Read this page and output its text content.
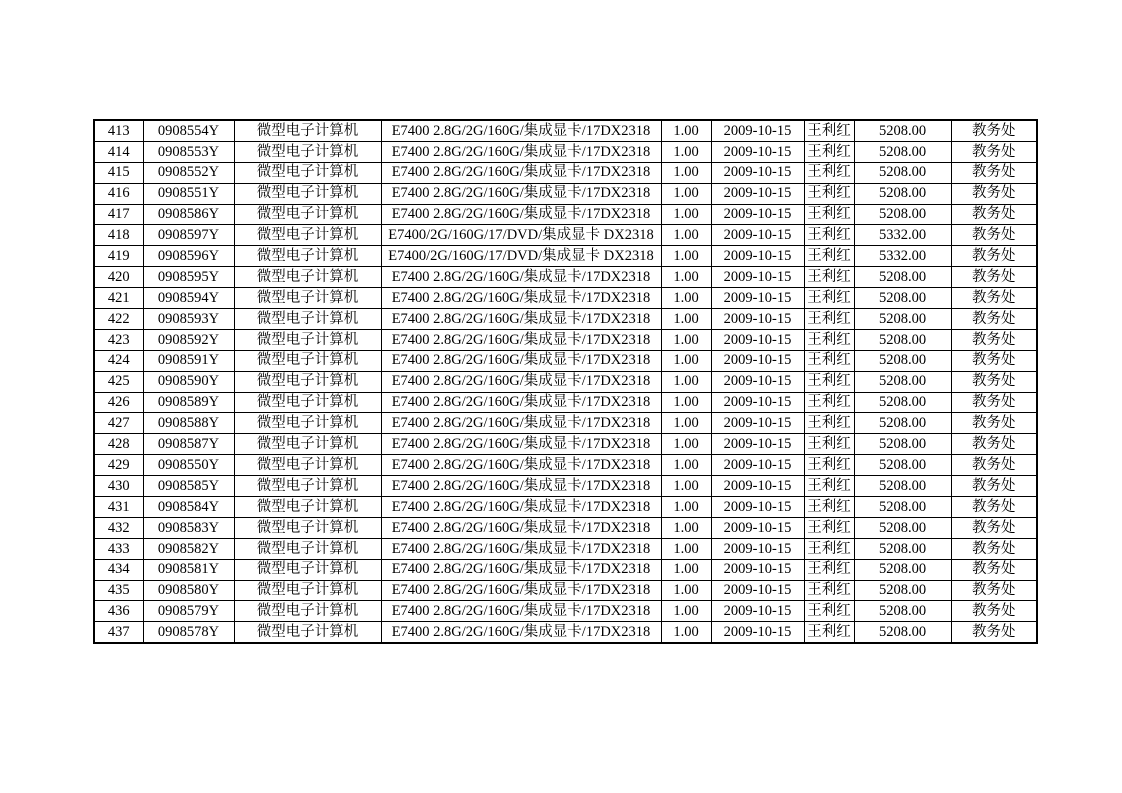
413	0908554Y	微型电子计算机	E7400 2.8G/2G/160G/集成显卡/17DX2318	1.00	2009-10-15	王利红	5208.00	教务处
414	0908553Y	微型电子计算机	E7400 2.8G/2G/160G/集成显卡/17DX2318	1.00	2009-10-15	王利红	5208.00	教务处
415	0908552Y	微型电子计算机	E7400 2.8G/2G/160G/集成显卡/17DX2318	1.00	2009-10-15	王利红	5208.00	教务处
416	0908551Y	微型电子计算机	E7400 2.8G/2G/160G/集成显卡/17DX2318	1.00	2009-10-15	王利红	5208.00	教务处
417	0908586Y	微型电子计算机	E7400 2.8G/2G/160G/集成显卡/17DX2318	1.00	2009-10-15	王利红	5208.00	教务处
418	0908597Y	微型电子计算机	E7400/2G/160G/17/DVD/集成显卡 DX2318	1.00	2009-10-15	王利红	5332.00	教务处
419	0908596Y	微型电子计算机	E7400/2G/160G/17/DVD/集成显卡 DX2318	1.00	2009-10-15	王利红	5332.00	教务处
420	0908595Y	微型电子计算机	E7400 2.8G/2G/160G/集成显卡/17DX2318	1.00	2009-10-15	王利红	5208.00	教务处
421	0908594Y	微型电子计算机	E7400 2.8G/2G/160G/集成显卡/17DX2318	1.00	2009-10-15	王利红	5208.00	教务处
422	0908593Y	微型电子计算机	E7400 2.8G/2G/160G/集成显卡/17DX2318	1.00	2009-10-15	王利红	5208.00	教务处
423	0908592Y	微型电子计算机	E7400 2.8G/2G/160G/集成显卡/17DX2318	1.00	2009-10-15	王利红	5208.00	教务处
424	0908591Y	微型电子计算机	E7400 2.8G/2G/160G/集成显卡/17DX2318	1.00	2009-10-15	王利红	5208.00	教务处
425	0908590Y	微型电子计算机	E7400 2.8G/2G/160G/集成显卡/17DX2318	1.00	2009-10-15	王利红	5208.00	教务处
426	0908589Y	微型电子计算机	E7400 2.8G/2G/160G/集成显卡/17DX2318	1.00	2009-10-15	王利红	5208.00	教务处
427	0908588Y	微型电子计算机	E7400 2.8G/2G/160G/集成显卡/17DX2318	1.00	2009-10-15	王利红	5208.00	教务处
428	0908587Y	微型电子计算机	E7400 2.8G/2G/160G/集成显卡/17DX2318	1.00	2009-10-15	王利红	5208.00	教务处
429	0908550Y	微型电子计算机	E7400 2.8G/2G/160G/集成显卡/17DX2318	1.00	2009-10-15	王利红	5208.00	教务处
430	0908585Y	微型电子计算机	E7400 2.8G/2G/160G/集成显卡/17DX2318	1.00	2009-10-15	王利红	5208.00	教务处
431	0908584Y	微型电子计算机	E7400 2.8G/2G/160G/集成显卡/17DX2318	1.00	2009-10-15	王利红	5208.00	教务处
432	0908583Y	微型电子计算机	E7400 2.8G/2G/160G/集成显卡/17DX2318	1.00	2009-10-15	王利红	5208.00	教务处
433	0908582Y	微型电子计算机	E7400 2.8G/2G/160G/集成显卡/17DX2318	1.00	2009-10-15	王利红	5208.00	教务处
434	0908581Y	微型电子计算机	E7400 2.8G/2G/160G/集成显卡/17DX2318	1.00	2009-10-15	王利红	5208.00	教务处
435	0908580Y	微型电子计算机	E7400 2.8G/2G/160G/集成显卡/17DX2318	1.00	2009-10-15	王利红	5208.00	教务处
436	0908579Y	微型电子计算机	E7400 2.8G/2G/160G/集成显卡/17DX2318	1.00	2009-10-15	王利红	5208.00	教务处
437	0908578Y	微型电子计算机	E7400 2.8G/2G/160G/集成显卡/17DX2318	1.00	2009-10-15	王利红	5208.00	教务处
